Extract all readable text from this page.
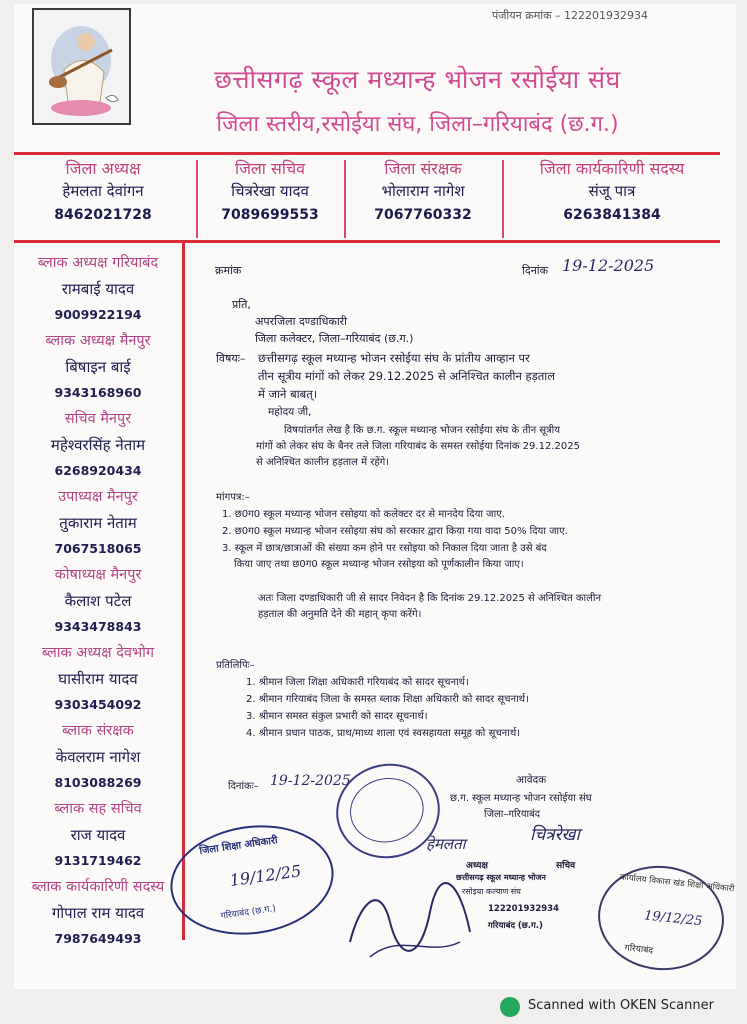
पंजीयन क्रमांक – 122201932934
छत्तीसगढ़ स्कूल मध्यान्ह भोजन रसोईया संघ
जिला स्तरीय,रसोईया संघ, जिला–गरियाबंद (छ.ग.)
जिला अध्यक्ष
हेमलता देवांगन
8462021728
जिला सचिव
चित्ररेखा यादव
7089699553
जिला संरक्षक
भोलाराम नागेश
7067760332
जिला कार्यकारिणी सदस्य
संजू पात्र
6263841384
ब्लाक अध्यक्ष गरियाबंद
रामबाई यादव
9009922194
ब्लाक अध्यक्ष मैनपुर
बिषाइन बाई
9343168960
सचिव मैनपुर
महेश्वरसिंह नेताम
6268920434
उपाध्यक्ष मैनपुर
तुकाराम नेताम
7067518065
कोषाध्यक्ष मैनपुर
कैलाश पटेल
9343478843
ब्लाक अध्यक्ष देवभोग
घासीराम यादव
9303454092
ब्लाक संरक्षक
केवलराम नागेश
8103088269
ब्लाक सह सचिव
राज यादव
9131719462
ब्लाक कार्यकारिणी सदस्य
गोपाल राम यादव
7987649493
क्रमांक	दिनांक 19-12-2025
प्रति,
अपरजिला दण्डाधिकारी
जिला कलेक्टर, जिला–गरियाबंद (छ.ग.)
विषयः– छत्तीसगढ़ स्कूल मध्यान्ह भोजन रसोईया संघ के प्रांतीय आव्हान पर
तीन सूत्रीय मांगों को लेकर 29.12.2025 से अनिश्चित कालीन हड़ताल
में जाने बाबत्।
महोदय जी,
विषयांतर्गत लेख है कि छ.ग. स्कूल मध्यान्ह भोजन रसोईया संघ के तीन सूत्रीय
मांगों को लेकर संघ के बैनर तले जिला गरियाबंद के समस्त रसोईया दिनांक 29.12.2025
से अनिश्चित कालीन हड़ताल में रहेंगे।
मांगपत्र:–
1. छ0ग0 स्कूल मध्यान्ह भोजन रसोइया को कलेक्टर दर से मानदेय दिया जाए.
2. छ0ग0 स्कूल मध्यान्ह भोजन रसोइया संघ को सरकार द्वारा किया गया वादा 50% दिया जाए.
3. स्कूल में छात्र/छात्राओं की संख्या कम होने पर रसोइया को निकाल दिया जाता है उसे बंद
किया जाए तथा छ0ग0 स्कूल मध्यान्ह भोजन रसोइया को पूर्णकालीन किया जाए।
अतः जिला दण्डाधिकारी जी से सादर निवेदन है कि दिनांक 29.12.2025 से अनिश्चित कालीन
हड़ताल की अनुमति देने की महान् कृपा करेंगे।
प्रतिलिपिः–
1. श्रीमान जिला शिक्षा अधिकारी गरियाबंद को सादर सूचनार्थ।
2. श्रीमान गरियाबंद जिला के समस्त ब्लाक शिक्षा अधिकारी को सादर सूचनार्थ।
3. श्रीमान समस्त संकुल प्रभारी को सादर सूचनार्थ।
4. श्रीमान प्रधान पाठक, प्राथ/माध्य शाला एवं स्वसहायता समूह को सूचनार्थ।
दिनांकः– 19-12-2025	आवेदक
छ.ग. स्कूल मध्यान्ह भोजन रसोईया संघ
जिला–गरियाबंद
हेमलता	चित्ररेखा
अध्यक्ष	सचिव
छत्तीसगढ़ स्कूल मध्यान्ह भोजन
रसोइया कल्याण संघ
122201932934
गरियाबंद (छ.ग.)
जिला शिक्षा अधिकारी
19/12/25
गरियाबंद (छ.ग.)
कार्यालय विकास खंड शिक्षा अधिकारी
19/12/25
गरियाबंद
Scanned with OKEN Scanner
